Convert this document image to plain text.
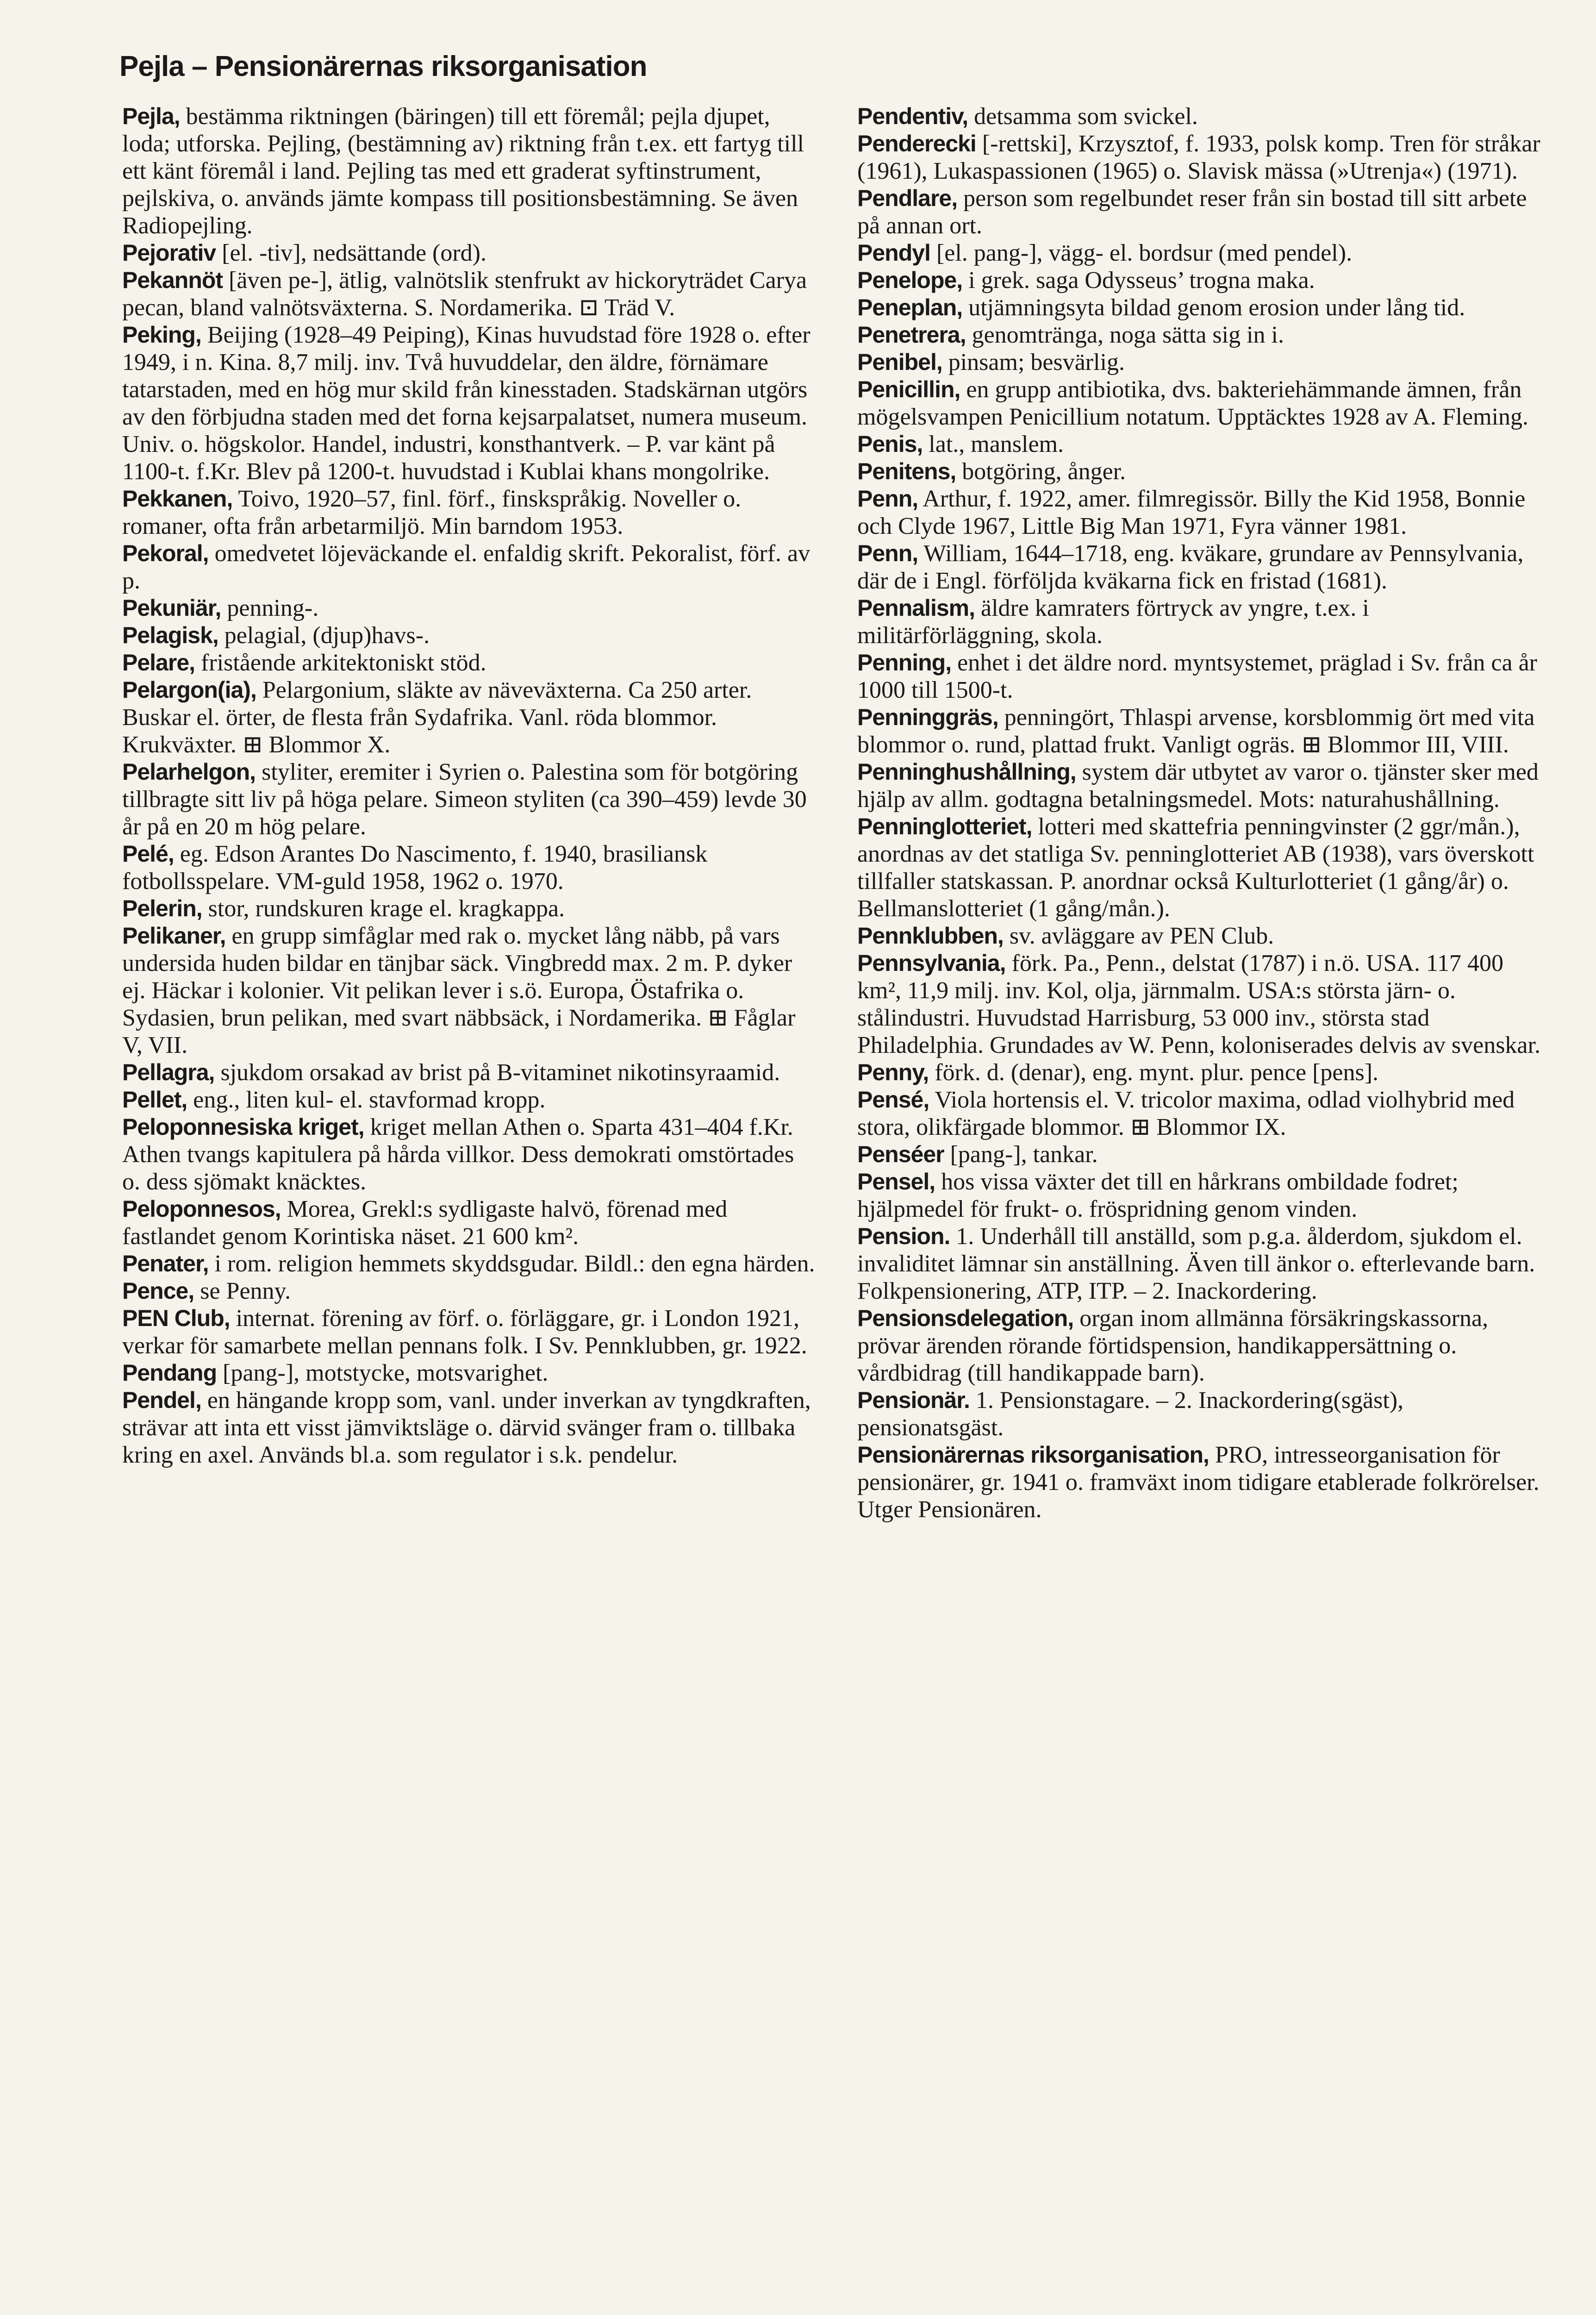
Pejla – Pensionärernas riksorganisation

Pejla, bestämma riktningen (bäringen) till ett föremål; pejla djupet, loda; utforska. Pejling, (bestämning av) riktning från t.ex. ett fartyg till ett känt föremål i land. Pejling tas med ett graderat syftinstrument, pejlskiva, o. används jämte kompass till positionsbestämning. Se även Radiopejling.

Pejorativ [el. -tiv], nedsättande (ord).

Pekannöt [även pe-], ätlig, valnötslik stenfrukt av hickoryträdet Carya pecan, bland valnötsväxterna. S. Nordamerika. ⊡ Träd V.

Peking, Beijing (1928–49 Peiping), Kinas huvudstad före 1928 o. efter 1949, i n. Kina. 8,7 milj. inv. Två huvuddelar, den äldre, förnämare tatarstaden, med en hög mur skild från kinesstaden. Stadskärnan utgörs av den förbjudna staden med det forna kejsarpalatset, numera museum. Univ. o. högskolor. Handel, industri, konsthantverk. – P. var känt på 1100-t. f.Kr. Blev på 1200-t. huvudstad i Kublai khans mongolrike.

Pekkanen, Toivo, 1920–57, finl. förf., finskspråkig. Noveller o. romaner, ofta från arbetarmiljö. Min barndom 1953.

Pekoral, omedvetet löjeväckande el. enfaldig skrift. Pekoralist, förf. av p.

Pekuniär, penning-.

Pelagisk, pelagial, (djup)havs-.

Pelare, fristående arkitektoniskt stöd.

Pelargon(ia), Pelargonium, släkte av näveväxterna. Ca 250 arter. Buskar el. örter, de flesta från Sydafrika. Vanl. röda blommor. Krukväxter. ⊞ Blommor X.

Pelarhelgon, styliter, eremiter i Syrien o. Palestina som för botgöring tillbragte sitt liv på höga pelare. Simeon styliten (ca 390–459) levde 30 år på en 20 m hög pelare.

Pelé, eg. Edson Arantes Do Nascimento, f. 1940, brasiliansk fotbollsspelare. VM-guld 1958, 1962 o. 1970.

Pelerin, stor, rundskuren krage el. kragkappa.

Pelikaner, en grupp simfåglar med rak o. mycket lång näbb, på vars undersida huden bildar en tänjbar säck. Vingbredd max. 2 m. P. dyker ej. Häckar i kolonier. Vit pelikan lever i s.ö. Europa, Östafrika o. Sydasien, brun pelikan, med svart näbbsäck, i Nordamerika. ⊞ Fåglar V, VII.

Pellagra, sjukdom orsakad av brist på B-vitaminet nikotinsyraamid.

Pellet, eng., liten kul- el. stavformad kropp.

Peloponnesiska kriget, kriget mellan Athen o. Sparta 431–404 f.Kr. Athen tvangs kapitulera på hårda villkor. Dess demokrati omstörtades o. dess sjömakt knäcktes.

Peloponnesos, Morea, Grekl:s sydligaste halvö, förenad med fastlandet genom Korintiska näset. 21 600 km².

Penater, i rom. religion hemmets skyddsgudar. Bildl.: den egna härden.

Pence, se Penny.

PEN Club, internat. förening av förf. o. förläggare, gr. i London 1921, verkar för samarbete mellan pennans folk. I Sv. Pennklubben, gr. 1922.

Pendang [pang-], motstycke, motsvarighet.

Pendel, en hängande kropp som, vanl. under inverkan av tyngdkraften, strävar att inta ett visst jämviktsläge o. därvid svänger fram o. tillbaka kring en axel. Används bl.a. som regulator i s.k. pendelur.

Pendentiv, detsamma som svickel.

Penderecki [-rettski], Krzysztof, f. 1933, polsk komp. Tren för stråkar (1961), Lukaspassionen (1965) o. Slavisk mässa (»Utrenja«) (1971).

Pendlare, person som regelbundet reser från sin bostad till sitt arbete på annan ort.

Pendyl [el. pang-], vägg- el. bordsur (med pendel).

Penelope, i grek. saga Odysseus’ trogna maka.

Peneplan, utjämningsyta bildad genom erosion under lång tid.

Penetrera, genomtränga, noga sätta sig in i.

Penibel, pinsam; besvärlig.

Penicillin, en grupp antibiotika, dvs. bakteriehämmande ämnen, från mögelsvampen Penicillium notatum. Upptäcktes 1928 av A. Fleming.

Penis, lat., manslem.

Penitens, botgöring, ånger.

Penn, Arthur, f. 1922, amer. filmregissör. Billy the Kid 1958, Bonnie och Clyde 1967, Little Big Man 1971, Fyra vänner 1981.

Penn, William, 1644–1718, eng. kväkare, grundare av Pennsylvania, där de i Engl. förföljda kväkarna fick en fristad (1681).

Pennalism, äldre kamraters förtryck av yngre, t.ex. i militärförläggning, skola.

Penning, enhet i det äldre nord. myntsystemet, präglad i Sv. från ca år 1000 till 1500-t.

Penninggräs, penningört, Thlaspi arvense, korsblommig ört med vita blommor o. rund, plattad frukt. Vanligt ogräs. ⊞ Blommor III, VIII.

Penninghushållning, system där utbytet av varor o. tjänster sker med hjälp av allm. godtagna betalningsmedel. Mots: naturahushållning.

Penninglotteriet, lotteri med skattefria penningvinster (2 ggr/mån.), anordnas av det statliga Sv. penninglotteriet AB (1938), vars överskott tillfaller statskassan. P. anordnar också Kulturlotteriet (1 gång/år) o. Bellmanslotteriet (1 gång/mån.).

Pennklubben, sv. avläggare av PEN Club.

Pennsylvania, förk. Pa., Penn., delstat (1787) i n.ö. USA. 117 400 km², 11,9 milj. inv. Kol, olja, järnmalm. USA:s största järn- o. stålindustri. Huvudstad Harrisburg, 53 000 inv., största stad Philadelphia. Grundades av W. Penn, koloniserades delvis av svenskar.

Penny, förk. d. (denar), eng. mynt. plur. pence [pens].

Pensé, Viola hortensis el. V. tricolor maxima, odlad violhybrid med stora, olikfärgade blommor. ⊞ Blommor IX.

Penséer [pang-], tankar.

Pensel, hos vissa växter det till en hårkrans ombildade fodret; hjälpmedel för frukt- o. fröspridning genom vinden.

Pension. 1. Underhåll till anställd, som p.g.a. ålderdom, sjukdom el. invaliditet lämnar sin anställning. Även till änkor o. efterlevande barn. Folkpensionering, ATP, ITP. – 2. Inackordering.

Pensionsdelegation, organ inom allmänna försäkringskassorna, prövar ärenden rörande förtidspension, handikappersättning o. vårdbidrag (till handikappade barn).

Pensionär. 1. Pensionstagare. – 2. Inackordering(sgäst), pensionatsgäst.

Pensionärernas riksorganisation, PRO, intresseorganisation för pensionärer, gr. 1941 o. framväxt inom tidigare etablerade folkrörelser. Utger Pensionären.
